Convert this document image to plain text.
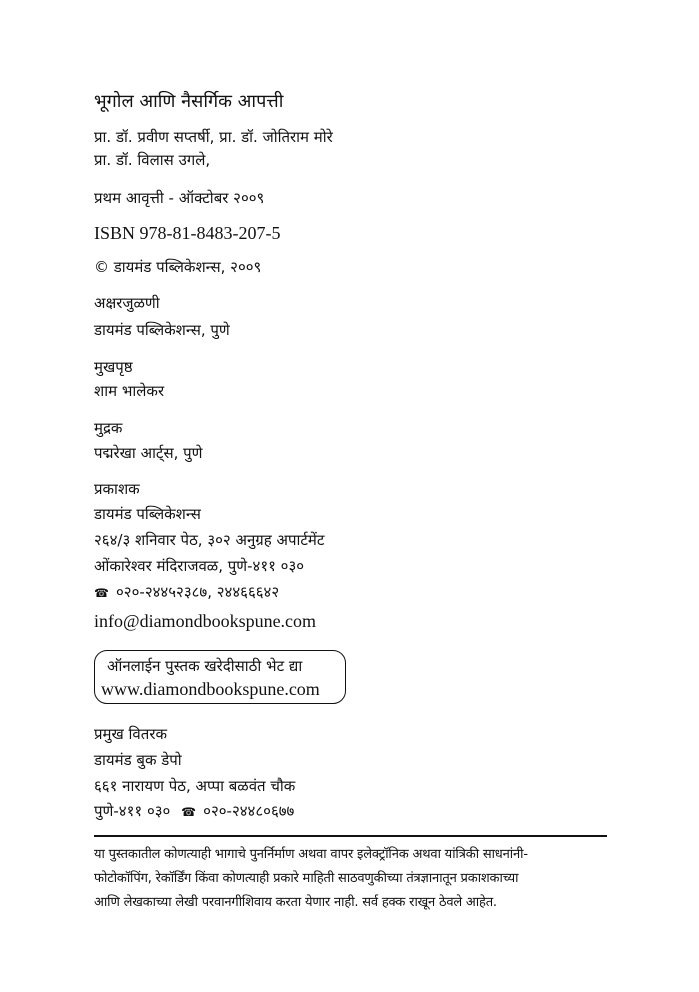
भूगोल आणि नैसर्गिक आपत्ती
प्रा. डॉ. प्रवीण सप्तर्षी, प्रा. डॉ. जोतिराम मोरे
प्रा. डॉ. विलास उगले,
प्रथम आवृत्ती - ऑक्टोबर २००९
ISBN 978-81-8483-207-5
© डायमंड पब्लिकेशन्स, २००९
अक्षरजुळणी
डायमंड पब्लिकेशन्स, पुणे
मुखपृष्ठ
शाम भालेकर
मुद्रक
पद्मरेखा आर्ट्स, पुणे
प्रकाशक
डायमंड पब्लिकेशन्स
२६४/३ शनिवार पेठ, ३०२ अनुग्रह अपार्टमेंट
ओंकारेश्वर मंदिराजवळ, पुणे-४११ ०३०
☎ ०२०-२४४५२३८७, २४४६६६४२
info@diamondbookspune.com
ऑनलाईन पुस्तक खरेदीसाठी भेट द्या
www.diamondbookspune.com
प्रमुख वितरक
डायमंड बुक डेपो
६६१ नारायण पेठ, अप्पा बळवंत चौक
पुणे-४११ ०३० ☎ ०२०-२४४८०६७७
या पुस्तकातील कोणत्याही भागाचे पुनर्निर्माण अथवा वापर इलेक्ट्रॉनिक अथवा यांत्रिकी साधनांनी-
फोटोकॉपिंग, रेकॉर्डिंग किंवा कोणत्याही प्रकारे माहिती साठवणुकीच्या तंत्रज्ञानातून प्रकाशकाच्या
आणि लेखकाच्या लेखी परवानगीशिवाय करता येणार नाही. सर्व हक्क राखून ठेवले आहेत.
